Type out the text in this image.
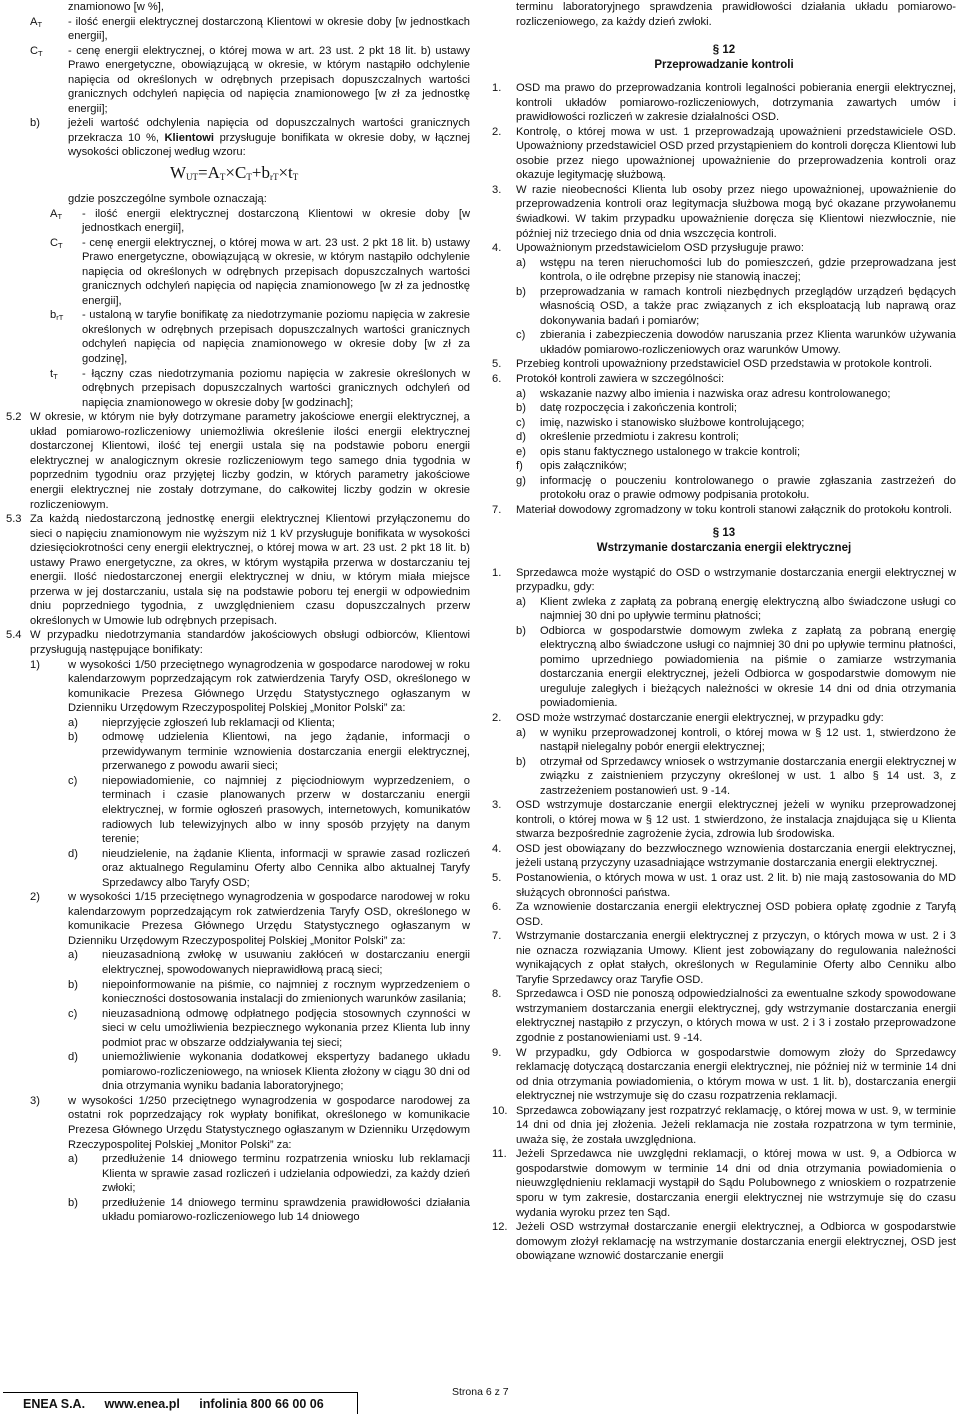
znamionowo [w %],

$A_T$	- ilość energii elektrycznej dostarczoną Klientowi w okresie doby [w jednostkach energii],
$C_T$	- cenę energii elektrycznej, o której mowa w art. 23 ust. 2 pkt 18 lit. b) ustawy Prawo energetyczne, obowiązującą w okresie, w którym nastąpiło odchylenie napięcia od określonych w odrębnych przepisach dopuszczalnych wartości granicznych odchyleń napięcia od napięcia znamionowego [w zł za jednostkę energii];
b)	jeżeli wartość odchylenia napięcia od dopuszczalnych wartości granicznych przekracza 10 %, Klientowi przysługuje bonifikata w okresie doby, w łącznej wysokości obliczonej według wzoru:
$W_{UT}=A_T\times C_T+b_{rT}\times t_T$

gdzie poszczególne symbole oznaczają:

$A_T$	- ilość energii elektrycznej dostarczoną Klientowi w okresie doby [w jednostkach energii],
$C_T$	- cenę energii elektrycznej, o której mowa w art. 23 ust. 2 pkt 18 lit. b) ustawy Prawo energetyczne, obowiązującą w okresie, w którym nastąpiło odchylenie napięcia od określonych w odrębnych przepisach dopuszczalnych wartości granicznych odchyleń napięcia od napięcia znamionowego [w zł za jednostkę energii],
$b_{rT}$	- ustaloną w taryfie bonifikatę za niedotrzymanie poziomu napięcia w zakresie określonych w odrębnych przepisach dopuszczalnych wartości granicznych odchyleń napięcia od napięcia znamionowego w okresie doby [w zł za godzinę],
$t_T$	- łączny czas niedotrzymania poziomu napięcia w zakresie określonych w odrębnych przepisach dopuszczalnych wartości granicznych odchyleń od napięcia znamionowego w okresie doby [w godzinach];
5.2 W okresie, w którym nie były dotrzymane parametry jakościowe energii elektrycznej, a układ pomiarowo-rozliczeniowy uniemożliwia określenie ilości energii elektrycznej dostarczonej Klientowi, ilość tej energii ustala się na podstawie poboru energii elektrycznej w analogicznym okresie rozliczeniowym tego samego dnia tygodnia w poprzednim tygodniu oraz przyjętej liczby godzin, w których parametry jakościowe energii elektrycznej nie zostały dotrzymane, do całkowitej liczby godzin w okresie rozliczeniowym.
5.3 Za każdą niedostarczoną jednostkę energii elektrycznej Klientowi przyłączonemu do sieci o napięciu znamionowym nie wyższym niż 1 kV przysługuje bonifikata w wysokości dziesięciokrotności ceny energii elektrycznej, o której mowa w art. 23 ust. 2 pkt 18 lit. b) ustawy Prawo energetyczne, za okres, w którym wystąpiła przerwa w dostarczaniu tej energii. Ilość niedostarczonej energii elektrycznej w dniu, w którym miała miejsce przerwa w jej dostarczaniu, ustala się na podstawie poboru tej energii w odpowiednim dniu poprzedniego tygodnia, z uwzględnieniem czasu dopuszczalnych przerw określonych w Umowie lub odrębnych przepisach.
5.4 W przypadku niedotrzymania standardów jakościowych obsługi odbiorców, Klientowi przysługują następujące bonifikaty:
1)	w wysokości 1/50 przeciętnego wynagrodzenia w gospodarce narodowej w roku kalendarzowym poprzedzającym rok zatwierdzenia Taryfy OSD, określonego w komunikacie Prezesa Głównego Urzędu Statystycznego ogłaszanym w Dzienniku Urzędowym Rzeczypospolitej Polskiej „Monitor Polski” za:
a)	nieprzyjęcie zgłoszeń lub reklamacji od Klienta;
b)	odmowę udzielenia Klientowi, na jego żądanie, informacji o przewidywanym terminie wznowienia dostarczania energii elektrycznej, przerwanego z powodu awarii sieci;
c)	niepowiadomienie, co najmniej z pięciodniowym wyprzedzeniem, o terminach i czasie planowanych przerw w dostarczaniu energii elektrycznej, w formie ogłoszeń prasowych, internetowych, komunikatów radiowych lub telewizyjnych albo w inny sposób przyjęty na danym terenie;
d)	nieudzielenie, na żądanie Klienta, informacji w sprawie zasad rozliczeń oraz aktualnego Regulaminu Oferty albo Cennika albo aktualnej Taryfy Sprzedawcy albo Taryfy OSD;
2)	w wysokości 1/15 przeciętnego wynagrodzenia w gospodarce narodowej w roku kalendarzowym poprzedzającym rok zatwierdzenia Taryfy OSD, określonego w komunikacie Prezesa Głównego Urzędu Statystycznego ogłaszanym w Dzienniku Urzędowym Rzeczypospolitej Polskiej „Monitor Polski” za:
a)	nieuzasadnioną zwłokę w usuwaniu zakłóceń w dostarczaniu energii elektrycznej, spowodowanych nieprawidłową pracą sieci;
b)	niepoinformowanie na piśmie, co najmniej z rocznym wyprzedzeniem o konieczności dostosowania instalacji do zmienionych warunków zasilania;
c)	nieuzasadnioną odmowę odpłatnego podjęcia stosownych czynności w sieci w celu umożliwienia bezpiecznego wykonania przez Klienta lub inny podmiot prac w obszarze oddziaływania tej sieci;
d)	uniemożliwienie wykonania dodatkowej ekspertyzy badanego układu pomiarowo-rozliczeniowego, na wniosek Klienta złożony w ciągu 30 dni od dnia otrzymania wyniku badania laboratoryjnego;
3)	w wysokości 1/250 przeciętnego wynagrodzenia w gospodarce narodowej za ostatni rok poprzedzający rok wypłaty bonifikat, określonego w komunikacie Prezesa Głównego Urzędu Statystycznego ogłaszanym w Dzienniku Urzędowym Rzeczypospolitej Polskiej „Monitor Polski” za:
a)	przedłużenie 14 dniowego terminu rozpatrzenia wniosku lub reklamacji Klienta w sprawie zasad rozliczeń i udzielania odpowiedzi, za każdy dzień zwłoki;
b)	przedłużenie 14 dniowego terminu sprawdzenia prawidłowości działania układu pomiarowo-rozliczeniowego lub 14 dniowego

terminu laboratoryjnego sprawdzenia prawidłowości działania układu pomiarowo-rozliczeniowego, za każdy dzień zwłoki.

§ 12
Przeprowadzanie kontroli
1.	OSD ma prawo do przeprowadzania kontroli legalności pobierania energii elektrycznej, kontroli układów pomiarowo-rozliczeniowych, dotrzymania zawartych umów i prawidłowości rozliczeń w zakresie działalności OSD.
2.	Kontrolę, o której mowa w ust. 1 przeprowadzają upoważnieni przedstawiciele OSD. Upoważniony przedstawiciel OSD przed przystąpieniem do kontroli doręcza Klientowi lub osobie przez niego upoważnionej upoważnienie do przeprowadzenia kontroli oraz okazuje legitymację służbową.
3.	W razie nieobecności Klienta lub osoby przez niego upoważnionej, upoważnienie do przeprowadzenia kontroli oraz legitymacja służbowa mogą być okazane przywołanemu świadkowi. W takim przypadku upoważnienie doręcza się Klientowi niezwłocznie, nie później niż trzeciego dnia od dnia wszczęcia kontroli.
4.	Upoważnionym przedstawicielom OSD przysługuje prawo:
a)	wstępu na teren nieruchomości lub do pomieszczeń, gdzie przeprowadzana jest kontrola, o ile odrębne przepisy nie stanowią inaczej;
b)	przeprowadzania w ramach kontroli niezbędnych przeglądów urządzeń będących własnością OSD, a także prac związanych z ich eksploatacją lub naprawą oraz dokonywania badań i pomiarów;
c)	zbierania i zabezpieczenia dowodów naruszania przez Klienta warunków używania układów pomiarowo-rozliczeniowych oraz warunków Umowy.
5.	Przebieg kontroli upoważniony przedstawiciel OSD przedstawia w protokole kontroli.
6.	Protokół kontroli zawiera w szczególności:
a)	wskazanie nazwy albo imienia i nazwiska oraz adresu kontrolowanego;
b)	datę rozpoczęcia i zakończenia kontroli;
c)	imię, nazwisko i stanowisko służbowe kontrolującego;
d)	określenie przedmiotu i zakresu kontroli;
e)	opis stanu faktycznego ustalonego w trakcie kontroli;
f)	opis załączników;
g)	informację o pouczeniu kontrolowanego o prawie zgłaszania zastrzeżeń do protokołu oraz o prawie odmowy podpisania protokołu.
7.	Materiał dowodowy zgromadzony w toku kontroli stanowi załącznik do protokołu kontroli.
§ 13
Wstrzymanie dostarczania energii elektrycznej
1.	Sprzedawca może wystąpić do OSD o wstrzymanie dostarczania energii elektrycznej w przypadku, gdy:
a)	Klient zwleka z zapłatą za pobraną energię elektryczną albo świadczone usługi co najmniej 30 dni po upływie terminu płatności;
b)	Odbiorca w gospodarstwie domowym zwleka z zapłatą za pobraną energię elektryczną albo świadczone usługi co najmniej 30 dni po upływie terminu płatności, pomimo uprzedniego powiadomienia na piśmie o zamiarze wstrzymania dostarczania energii elektrycznej, jeżeli Odbiorca w gospodarstwie domowym nie ureguluje zaległych i bieżących należności w okresie 14 dni od dnia otrzymania powiadomienia.
2.	OSD może wstrzymać dostarczanie energii elektrycznej, w przypadku gdy:
a)	w wyniku przeprowadzonej kontroli, o której mowa w § 12 ust. 1, stwierdzono że nastąpił nielegalny pobór energii elektrycznej;
b)	otrzymał od Sprzedawcy wniosek o wstrzymanie dostarczania energii elektrycznej w związku z zaistnieniem przyczyny określonej w ust. 1 albo § 14 ust. 3, z zastrzeżeniem postanowień ust. 9 -14.
3.	OSD wstrzymuje dostarczanie energii elektrycznej jeżeli w wyniku przeprowadzonej kontroli, o której mowa w § 12 ust. 1 stwierdzono, że instalacja znajdująca się u Klienta stwarza bezpośrednie zagrożenie życia, zdrowia lub środowiska.
4.	OSD jest obowiązany do bezzwłocznego wznowienia dostarczania energii elektrycznej, jeżeli ustaną przyczyny uzasadniające wstrzymanie dostarczania energii elektrycznej.
5.	Postanowienia, o których mowa w ust. 1 oraz ust. 2 lit. b) nie mają zastosowania do MD służących obronności państwa.
6.	Za wznowienie dostarczania energii elektrycznej OSD pobiera opłatę zgodnie z Taryfą OSD.
7.	Wstrzymanie dostarczania energii elektrycznej z przyczyn, o których mowa w ust. 2 i 3 nie oznacza rozwiązania Umowy. Klient jest zobowiązany do regulowania należności wynikających z opłat stałych, określonych w Regulaminie Oferty albo Cenniku albo Taryfie Sprzedawcy oraz Taryfie OSD.
8.	Sprzedawca i OSD nie ponoszą odpowiedzialności za ewentualne szkody spowodowane wstrzymaniem dostarczania energii elektrycznej, gdy wstrzymanie dostarczania energii elektrycznej nastąpiło z przyczyn, o których mowa w ust. 2 i 3 i zostało przeprowadzone zgodnie z postanowieniami ust. 9 -14.
9.	W przypadku, gdy Odbiorca w gospodarstwie domowym złoży do Sprzedawcy reklamację dotyczącą dostarczania energii elektrycznej, nie później niż w terminie 14 dni od dnia otrzymania powiadomienia, o którym mowa w ust. 1 lit. b), dostarczania energii elektrycznej nie wstrzymuje się do czasu rozpatrzenia reklamacji.
10. Sprzedawca zobowiązany jest rozpatrzyć reklamację, o której mowa w ust. 9, w terminie 14 dni od dnia jej złożenia. Jeżeli reklamacja nie została rozpatrzona w tym terminie, uważa się, że została uwzględniona.
11. Jeżeli Sprzedawca nie uwzględni reklamacji, o której mowa w ust. 9, a Odbiorca w gospodarstwie domowym w terminie 14 dni od dnia otrzymania powiadomienia o nieuwzględnieniu reklamacji wystąpił do Sądu Polubownego z wnioskiem o rozpatrzenie sporu w tym zakresie, dostarczania energii elektrycznej nie wstrzymuje się do czasu wydania wyroku przez ten Sąd.
12. Jeżeli OSD wstrzymał dostarczanie energii elektrycznej, a Odbiorca w gospodarstwie domowym złożył reklamację na wstrzymanie dostarczania energii elektrycznej, OSD jest obowiązane wznowić dostarczanie energii
ENEA S.A. www.enea.pl infolinia 800 66 00 06
Strona 6 z 7
